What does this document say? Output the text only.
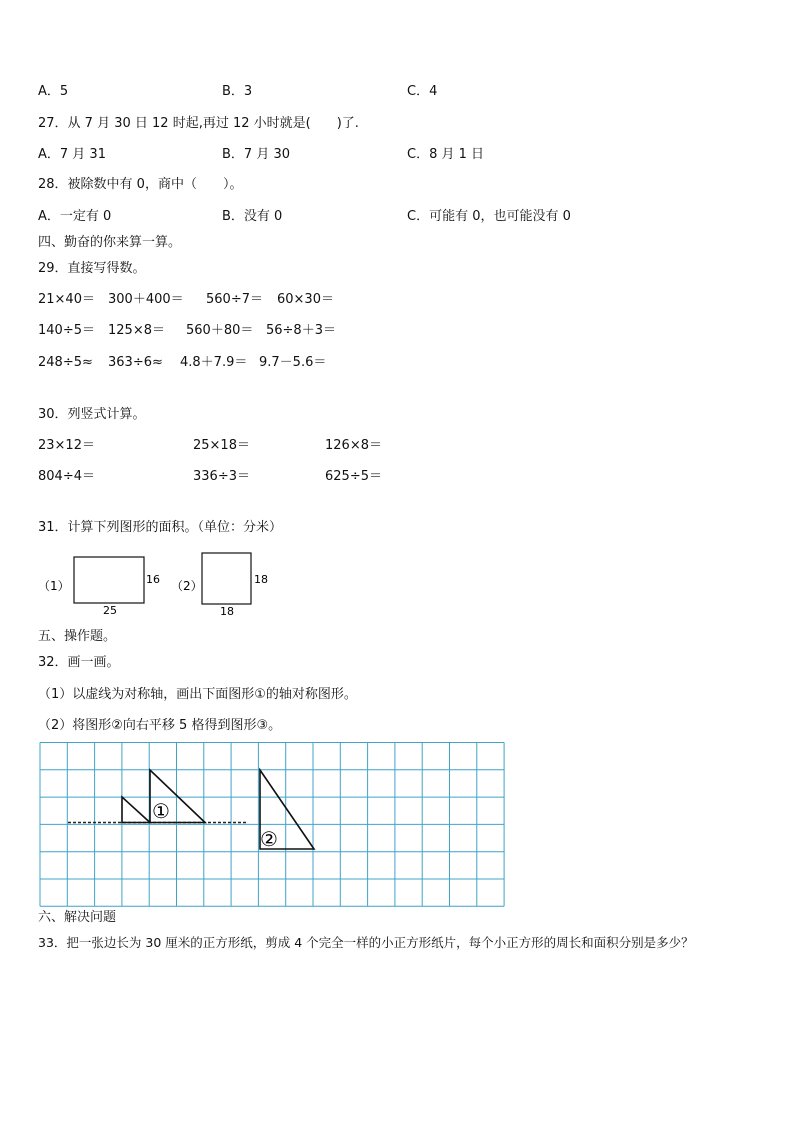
A．5	B．3	C．4
27．从 7 月 30 日 12 时起,再过 12 小时就是(　　)了.
A．7 月 31	B．7 月 30	C．8 月 1 日
28．被除数中有 0，商中（　　）。
A．一定有 0	B．没有 0	C．可能有 0，也可能没有 0
四、勤奋的你来算一算。
29．直接写得数。
21×40＝ 300＋400＝ 560÷7＝ 60×30＝
140÷5＝ 125×8＝ 560＋80＝ 56÷8＋3＝
248÷5≈ 363÷6≈ 4.8＋7.9＝ 9.7－5.6＝
30．列竖式计算。
23×12＝	25×18＝	126×8＝
804÷4＝	336÷3＝	625÷5＝
31．计算下列图形的面积。（单位：分米）
（1）	16
25
（2）	18
18
五、操作题。
32．画一画。
（1）以虚线为对称轴，画出下面图形①的轴对称图形。
（2）将图形②向右平移 5 格得到图形③。
①
②
六、解决问题
33．把一张边长为 30 厘米的正方形纸，剪成 4 个完全一样的小正方形纸片，每个小正方形的周长和面积分别是多少？
